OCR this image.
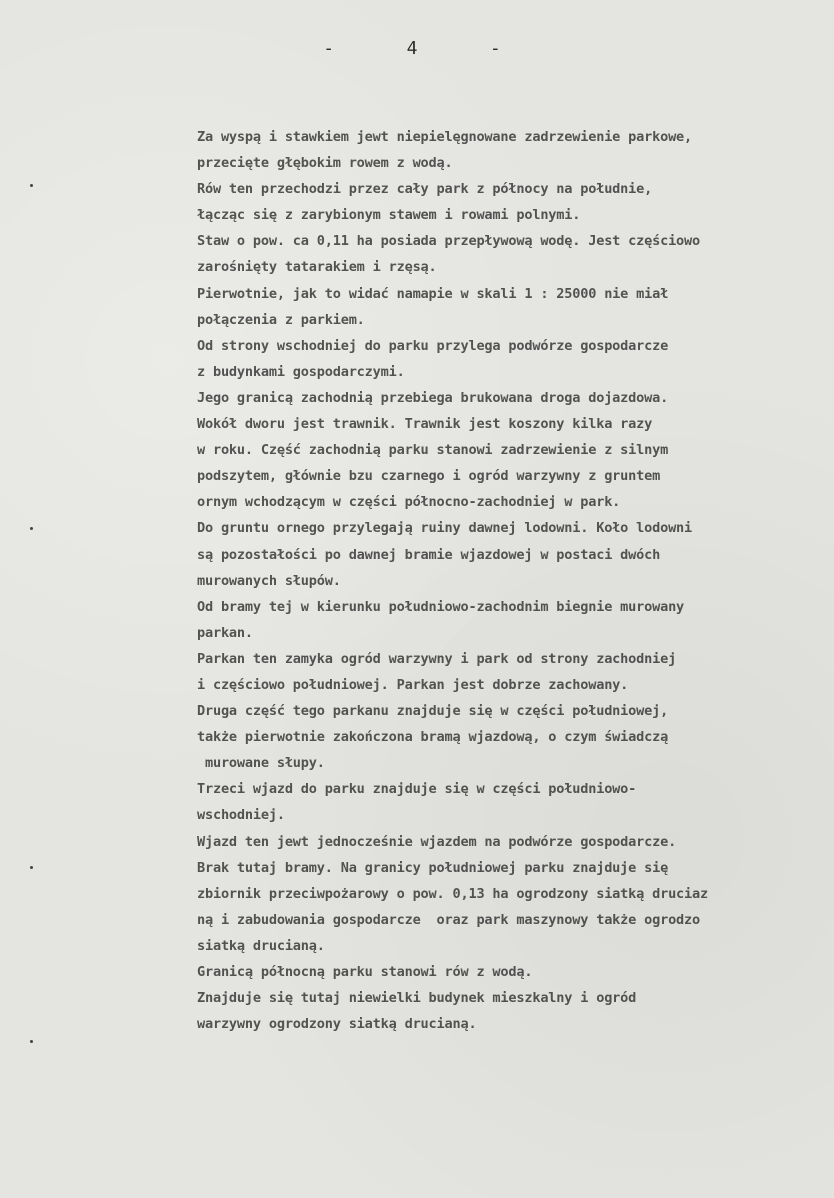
-   4   -
Za wyspą i stawkiem jewt niepielęgnowane zadrzewienie parkowe,
przecięte głębokim rowem z wodą.
Rów ten przechodzi przez cały park z północy na południe,
łącząc się z zarybionym stawem i rowami polnymi.
Staw o pow. ca 0,11 ha posiada przepływową wodę. Jest częściowo
zarośnięty tatarakiem i rzęsą.
Pierwotnie, jak to widać namapie w skali 1 : 25000 nie miał
połączenia z parkiem.
Od strony wschodniej do parku przylega podwórze gospodarcze
z budynkami gospodarczymi.
Jego granicą zachodnią przebiega brukowana droga dojazdowa.
Wokół dworu jest trawnik. Trawnik jest koszony kilka razy
w roku. Część zachodnią parku stanowi zadrzewienie z silnym
podszytem, głównie bzu czarnego i ogród warzywny z gruntem
ornym wchodzącym w części północno-zachodniej w park.
Do gruntu ornego przylegają ruiny dawnej lodowni. Koło lodowni
są pozostałości po dawnej bramie wjazdowej w postaci dwóch
murowanych słupów.
Od bramy tej w kierunku południowo-zachodnim biegnie murowany
parkan.
Parkan ten zamyka ogród warzywny i park od strony zachodniej
i częściowo południowej. Parkan jest dobrze zachowany.
Druga część tego parkanu znajduje się w części południowej,
także pierwotnie zakończona bramą wjazdową, o czym świadczą
murowane słupy.
Trzeci wjazd do parku znajduje się w części południowo-
wschodniej.
Wjazd ten jewt jednocześnie wjazdem na podwórze gospodarcze.
Brak tutaj bramy. Na granicy południowej parku znajduje się
zbiornik przeciwpożarowy o pow. 0,13 ha ogrodzony siatką druciaz
ną i zabudowania gospodarcze  oraz park maszynowy także ogrodzo
siatką drucianą.
Granicą północną parku stanowi rów z wodą.
Znajduje się tutaj niewielki budynek mieszkalny i ogród
warzywny ogrodzony siatką drucianą.
